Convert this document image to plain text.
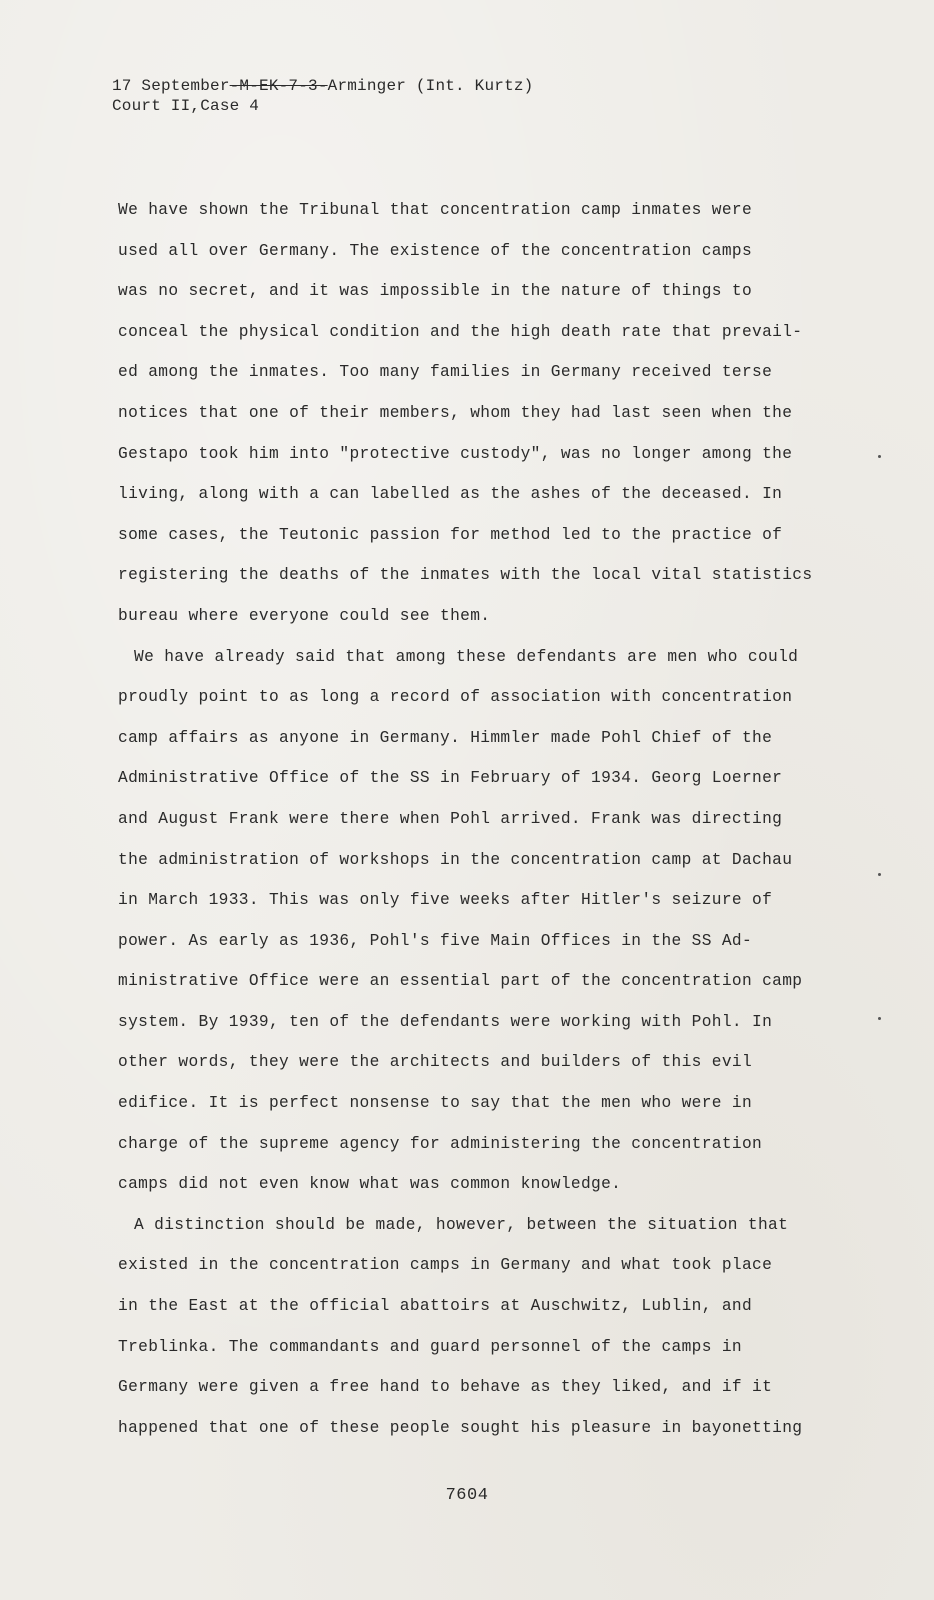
17 September-M-EK-7-3-Arminger (Int. Kurtz)
Court II,Case 4
We have shown the Tribunal that concentration camp inmates were
used all over Germany. The existence of the concentration camps
was no secret, and it was impossible in the nature of things to
conceal the physical condition and the high death rate that prevail-
ed among the inmates. Too many families in Germany received terse
notices that one of their members, whom they had last seen when the
Gestapo took him into "protective custody", was no longer among the
living, along with a can labelled as the ashes of the deceased. In
some cases, the Teutonic passion for method led to the practice of
registering the deaths of the inmates with the local vital statistics
bureau where everyone could see them.
We have already said that among these defendants are men who could
proudly point to as long a record of association with concentration
camp affairs as anyone in Germany. Himmler made Pohl Chief of the
Administrative Office of the SS in February of 1934. Georg Loerner
and August Frank were there when Pohl arrived. Frank was directing
the administration of workshops in the concentration camp at Dachau
in March 1933. This was only five weeks after Hitler's seizure of
power. As early as 1936, Pohl's five Main Offices in the SS Ad-
ministrative Office were an essential part of the concentration camp
system. By 1939, ten of the defendants were working with Pohl. In
other words, they were the architects and builders of this evil
edifice. It is perfect nonsense to say that the men who were in
charge of the supreme agency for administering the concentration
camps did not even know what was common knowledge.
A distinction should be made, however, between the situation that
existed in the concentration camps in Germany and what took place
in the East at the official abattoirs at Auschwitz, Lublin, and
Treblinka. The commandants and guard personnel of the camps in
Germany were given a free hand to behave as they liked, and if it
happened that one of these people sought his pleasure in bayonetting
7604
